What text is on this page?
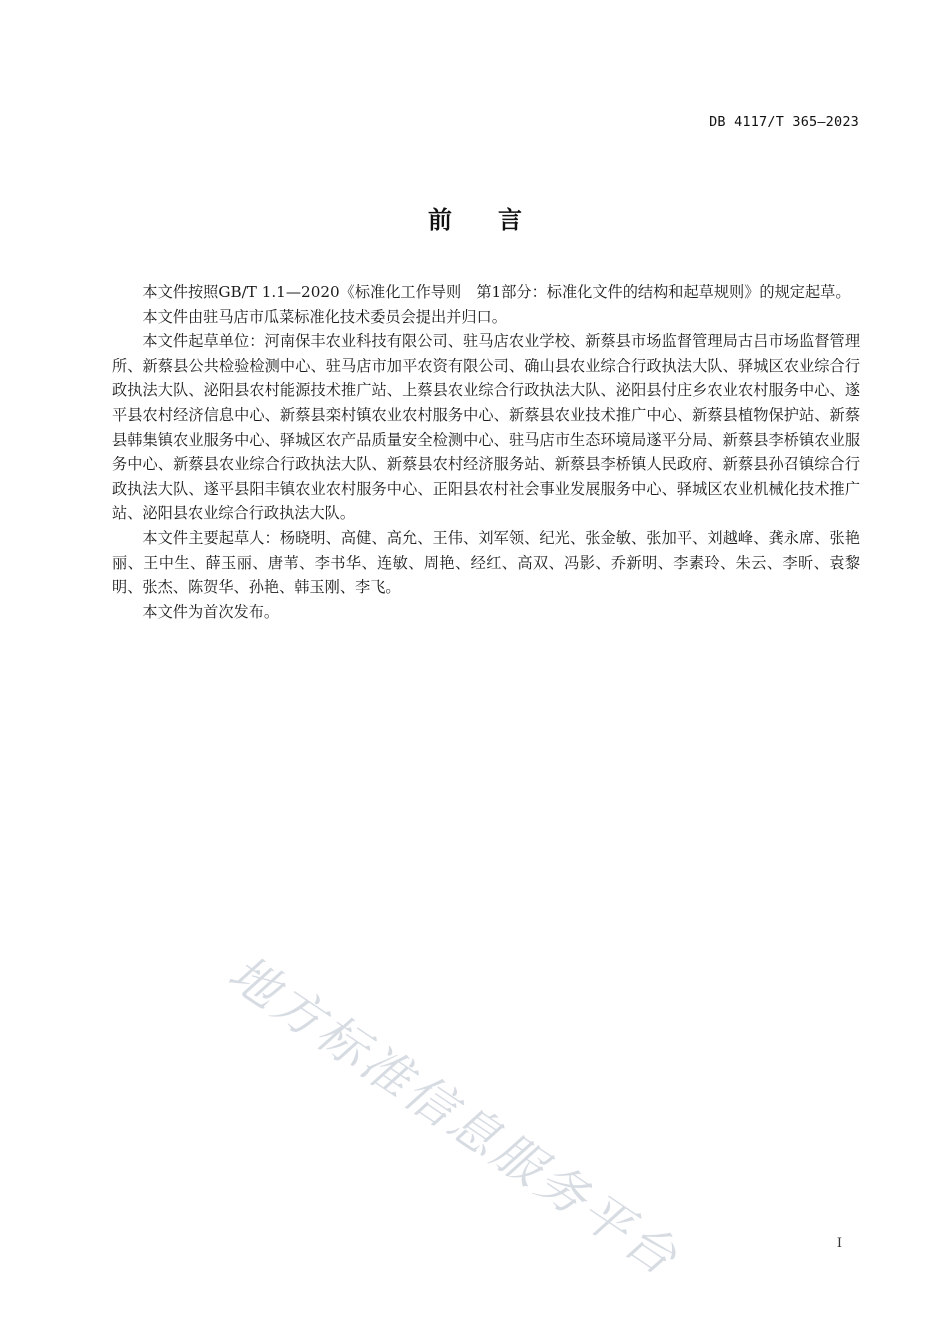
DB 4117/T 365—2023
前言

本文件按照GB/T 1.1—2020《标准化工作导则　第1部分：标准化文件的结构和起草规则》的规定起草。

本文件由驻马店市瓜菜标准化技术委员会提出并归口。

本文件起草单位：河南保丰农业科技有限公司、驻马店农业学校、新蔡县市场监督管理局古吕市场监督管理所、新蔡县公共检验检测中心、驻马店市加平农资有限公司、确山县农业综合行政执法大队、驿城区农业综合行政执法大队、泌阳县农村能源技术推广站、上蔡县农业综合行政执法大队、泌阳县付庄乡农业农村服务中心、遂平县农村经济信息中心、新蔡县栾村镇农业农村服务中心、新蔡县农业技术推广中心、新蔡县植物保护站、新蔡县韩集镇农业服务中心、驿城区农产品质量安全检测中心、驻马店市生态环境局遂平分局、新蔡县李桥镇农业服务中心、新蔡县农业综合行政执法大队、新蔡县农村经济服务站、新蔡县李桥镇人民政府、新蔡县孙召镇综合行政执法大队、遂平县阳丰镇农业农村服务中心、正阳县农村社会事业发展服务中心、驿城区农业机械化技术推广站、泌阳县农业综合行政执法大队。

本文件主要起草人：杨晓明、高健、高允、王伟、刘军领、纪光、张金敏、张加平、刘越峰、龚永席、张艳丽、王中生、薛玉丽、唐苇、李书华、连敏、周艳、经红、高双、冯影、乔新明、李素玲、朱云、李昕、袁黎明、张杰、陈贺华、孙艳、韩玉刚、李飞。

本文件为首次发布。

地方标准信息服务平台	I
